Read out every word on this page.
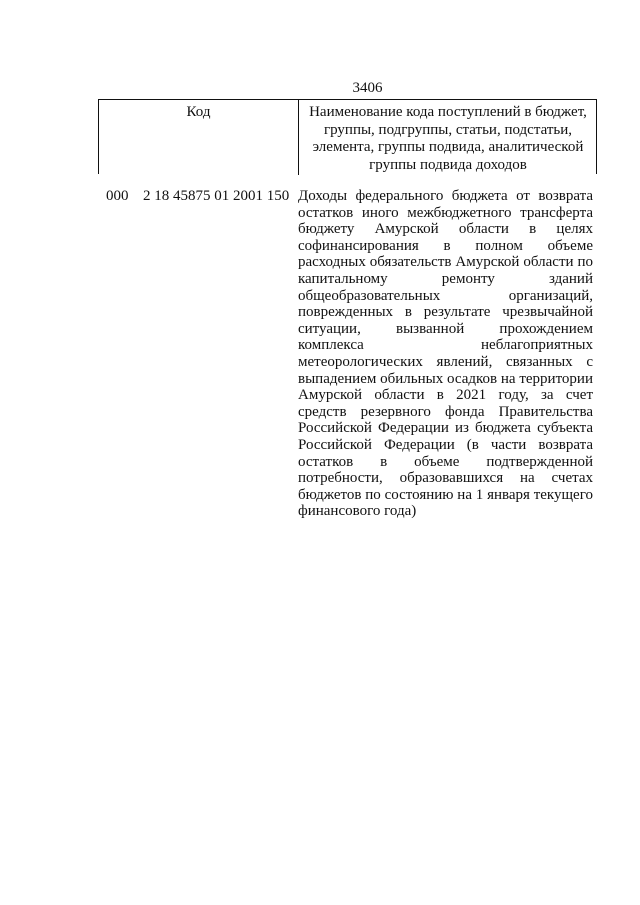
3406
Код	Наименование кода поступлений в бюджет, группы, подгруппы, статьи, подстатьи, элемента, группы подвида, аналитической группы подвида доходов
000 2 18 45875 01 2001 150 Доходы федерального бюджета от возврата остатков иного межбюджетного трансферта бюджету Амурской области в целях софинансирования в полном объеме расходных обязательств Амурской области по капитальному ремонту зданий общеобразовательных организаций, поврежденных в результате чрезвычайной ситуации, вызванной прохождением комплекса неблагоприятных метеорологических явлений, связанных с выпадением обильных осадков на территории Амурской области в 2021 году, за счет средств резервного фонда Правительства Российской Федерации из бюджета субъекта Российской Федерации (в части возврата остатков в объеме подтвержденной потребности, образовавшихся на счетах бюджетов по состоянию на 1 января текущего финансового года)
